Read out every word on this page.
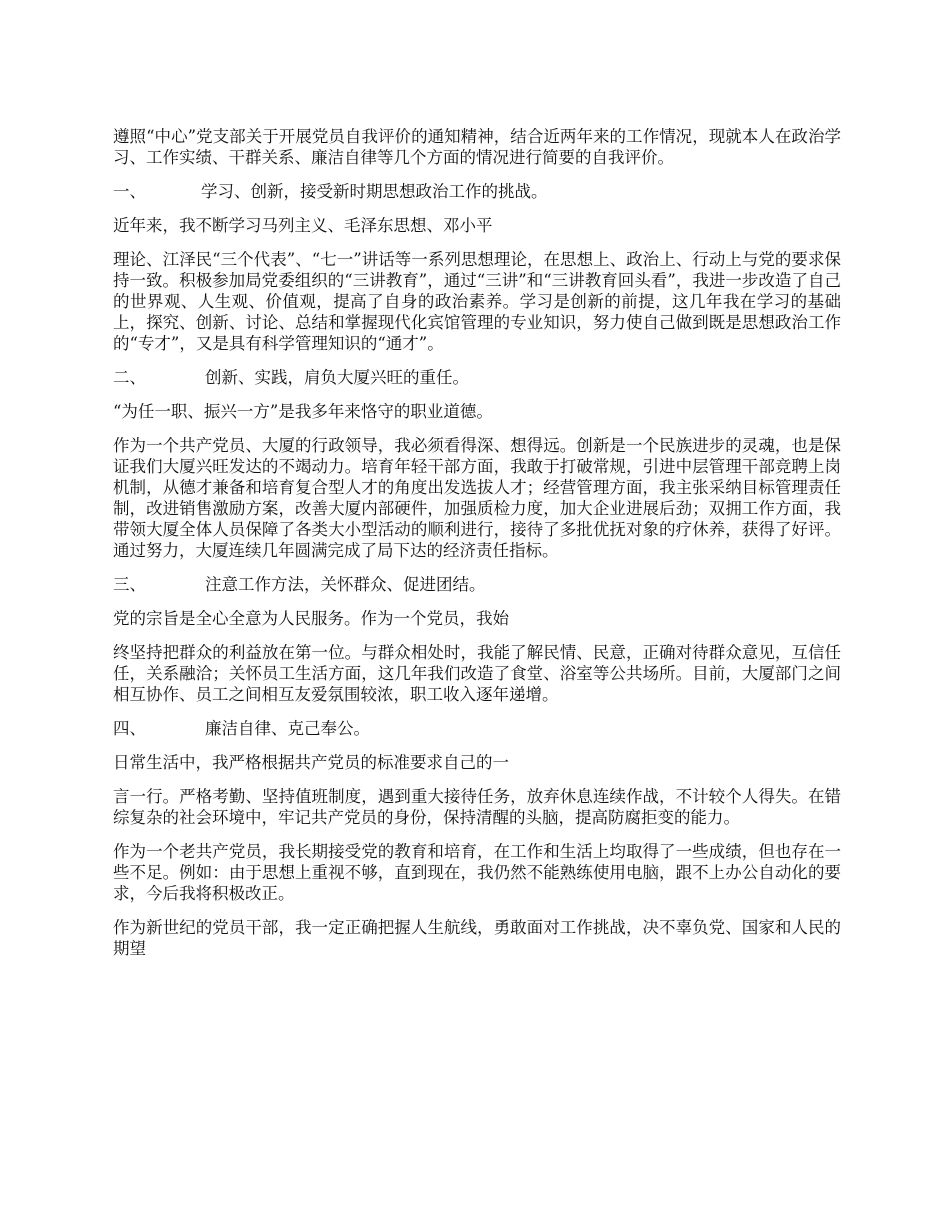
遵照“中心”党支部关于开展党员自我评价的通知精神，结合近两年来的工作情况，现就本人在政治学习、工作实绩、干群关系、廉洁自律等几个方面的情况进行简要的自我评价。

一、	学习、创新，接受新时期思想政治工作的挑战。

近年来，我不断学习马列主义、毛泽东思想、邓小平

理论、江泽民“三个代表”、“七一”讲话等一系列思想理论，在思想上、政治上、行动上与党的要求保持一致。积极参加局党委组织的“三讲教育”，通过“三讲”和“三讲教育回头看”，我进一步改造了自己的世界观、人生观、价值观，提高了自身的政治素养。学习是创新的前提，这几年我在学习的基础上，探究、创新、讨论、总结和掌握现代化宾馆管理的专业知识，努力使自己做到既是思想政治工作的“专才”，又是具有科学管理知识的“通才”。

二、	创新、实践，肩负大厦兴旺的重任。

“为任一职、振兴一方”是我多年来恪守的职业道德。

作为一个共产党员、大厦的行政领导，我必须看得深、想得远。创新是一个民族进步的灵魂，也是保证我们大厦兴旺发达的不竭动力。培育年轻干部方面，我敢于打破常规，引进中层管理干部竞聘上岗机制，从德才兼备和培育复合型人才的角度出发选拔人才；经营管理方面，我主张采纳目标管理责任制，改进销售激励方案，改善大厦内部硬件，加强质检力度，加大企业进展后劲；双拥工作方面，我带领大厦全体人员保障了各类大小型活动的顺利进行，接待了多批优抚对象的疗休养，获得了好评。通过努力，大厦连续几年圆满完成了局下达的经济责任指标。

三、	注意工作方法，关怀群众、促进团结。

党的宗旨是全心全意为人民服务。作为一个党员，我始

终坚持把群众的利益放在第一位。与群众相处时，我能了解民情、民意，正确对待群众意见，互信任任，关系融洽；关怀员工生活方面，这几年我们改造了食堂、浴室等公共场所。目前，大厦部门之间相互协作、员工之间相互友爱氛围较浓，职工收入逐年递增。

四、	廉洁自律、克己奉公。

日常生活中，我严格根据共产党员的标准要求自己的一

言一行。严格考勤、坚持值班制度，遇到重大接待任务，放弃休息连续作战，不计较个人得失。在错综复杂的社会环境中，牢记共产党员的身份，保持清醒的头脑，提高防腐拒变的能力。

作为一个老共产党员，我长期接受党的教育和培育，在工作和生活上均取得了一些成绩，但也存在一些不足。例如：由于思想上重视不够，直到现在，我仍然不能熟练使用电脑，跟不上办公自动化的要求，今后我将积极改正。

作为新世纪的党员干部，我一定正确把握人生航线，勇敢面对工作挑战，决不辜负党、国家和人民的期望
